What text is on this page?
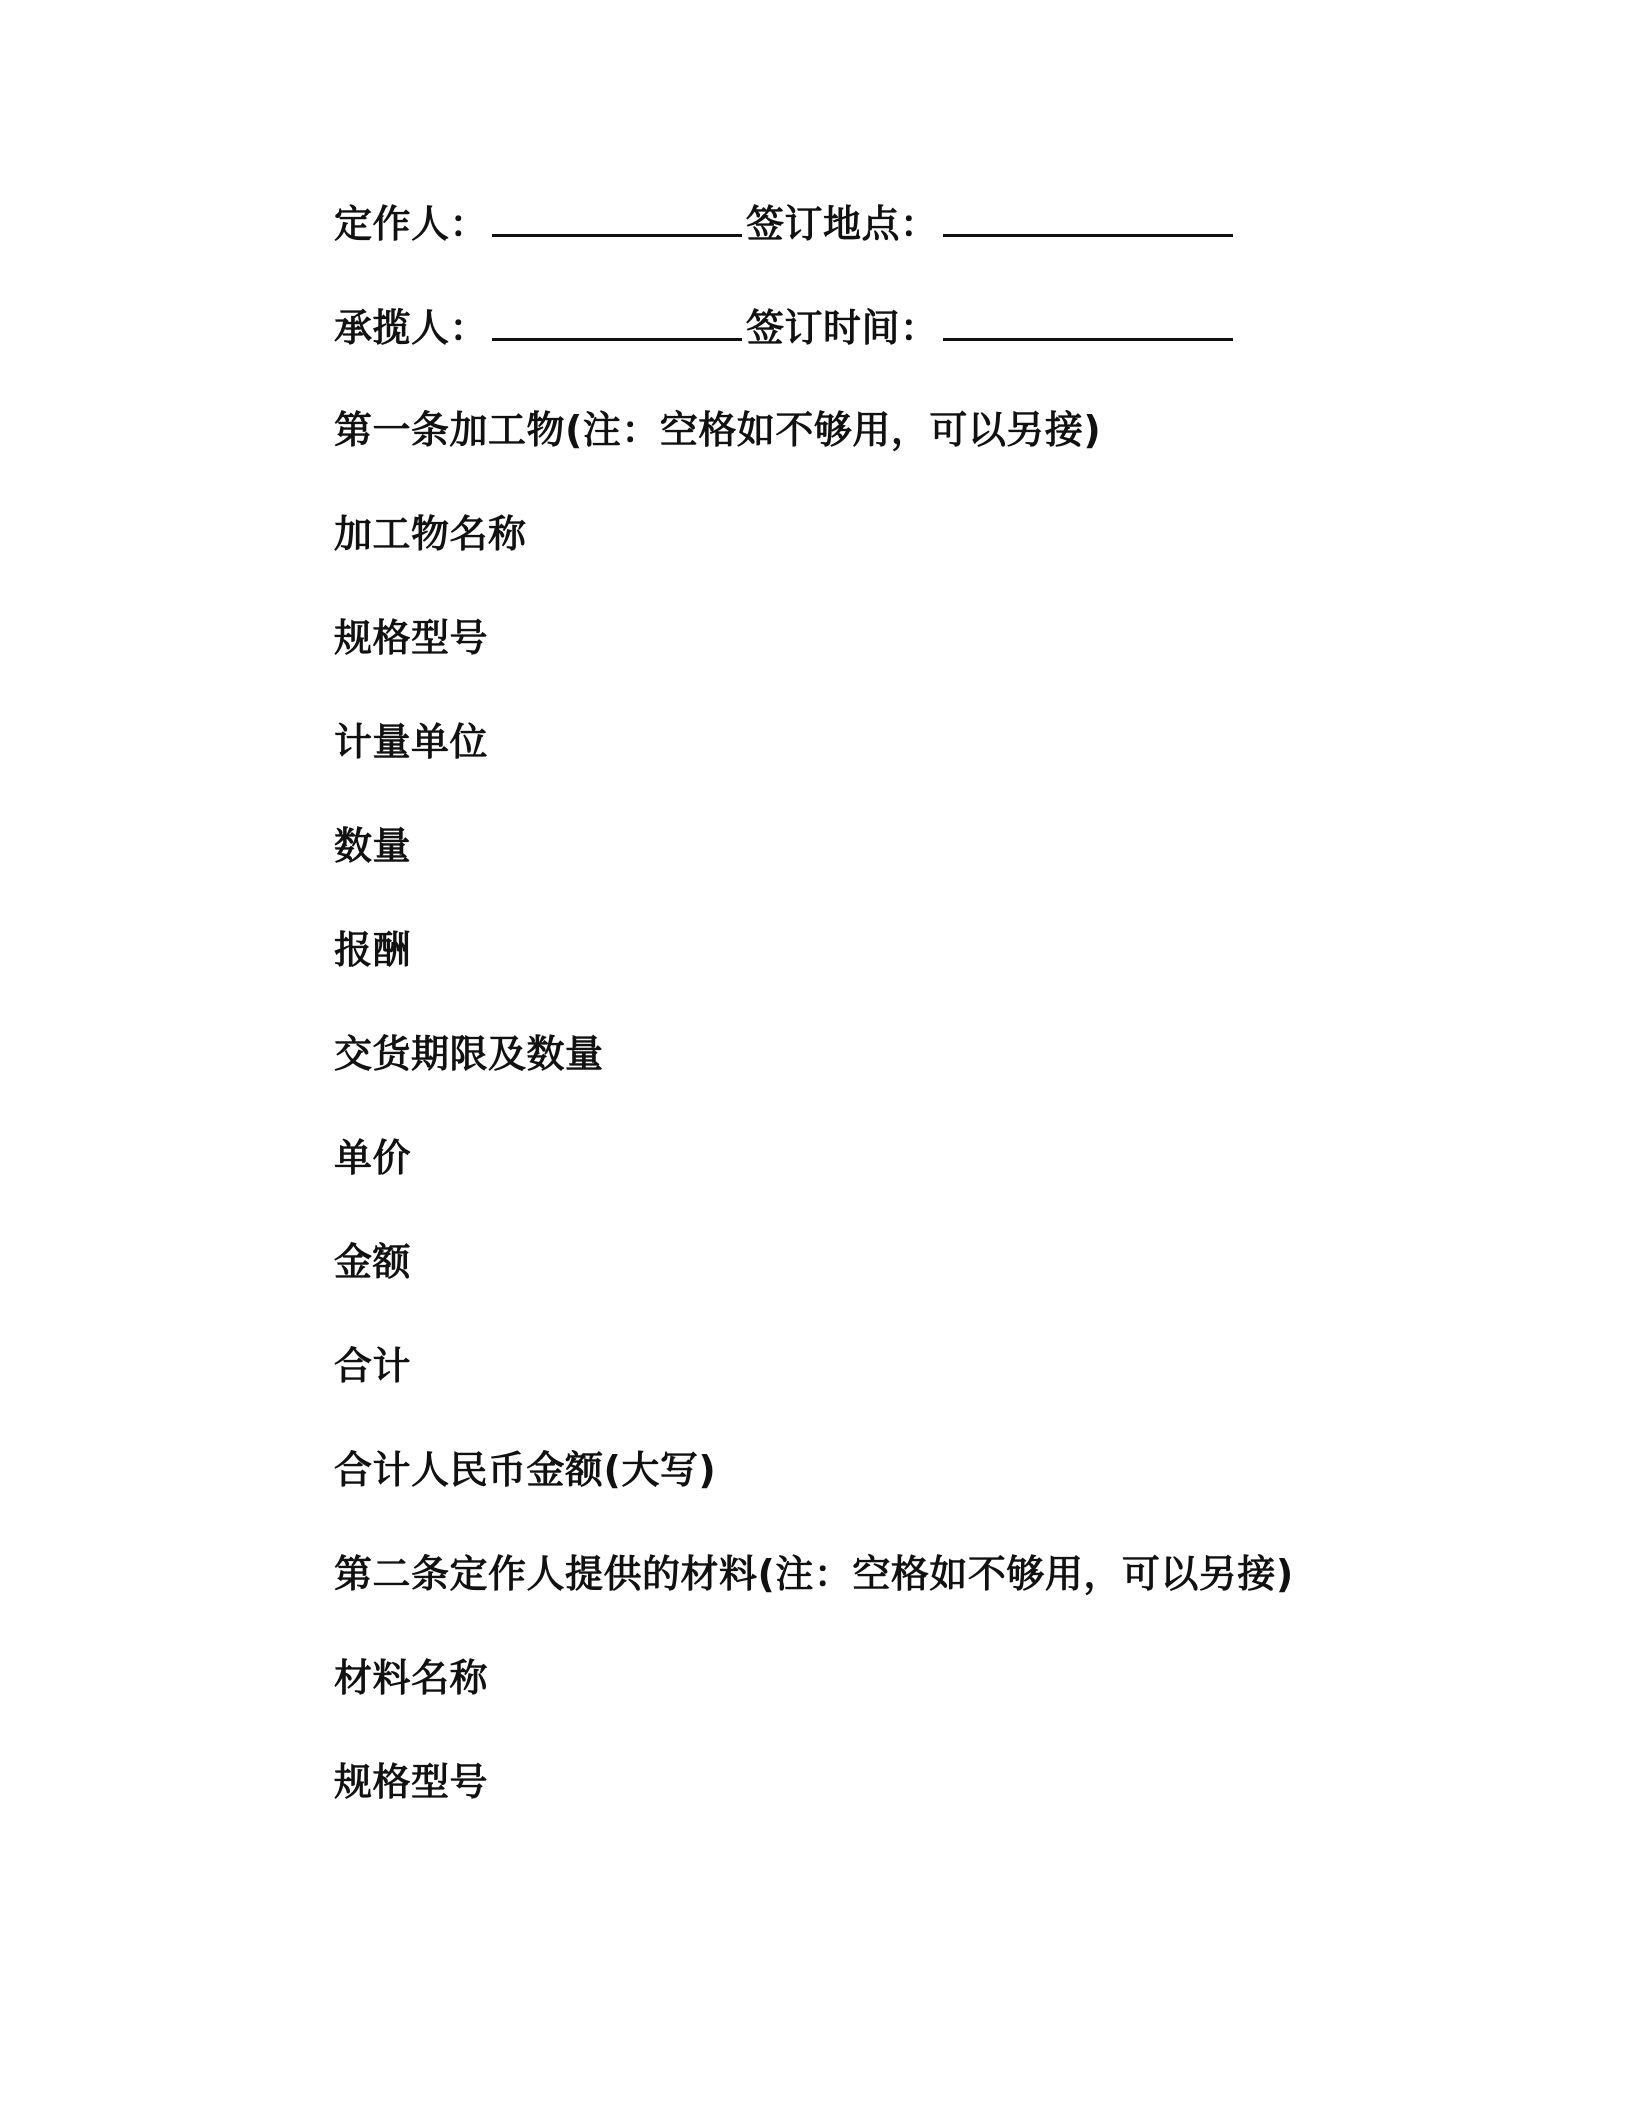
定作人：	签订地点：

承揽人：	签订时间：

第一条加工物(注：空格如不够用，可以另接)

加工物名称

规格型号

计量单位

数量

报酬

交货期限及数量

单价

金额

合计

合计人民币金额(大写)

第二条定作人提供的材料(注：空格如不够用，可以另接)

材料名称

规格型号
